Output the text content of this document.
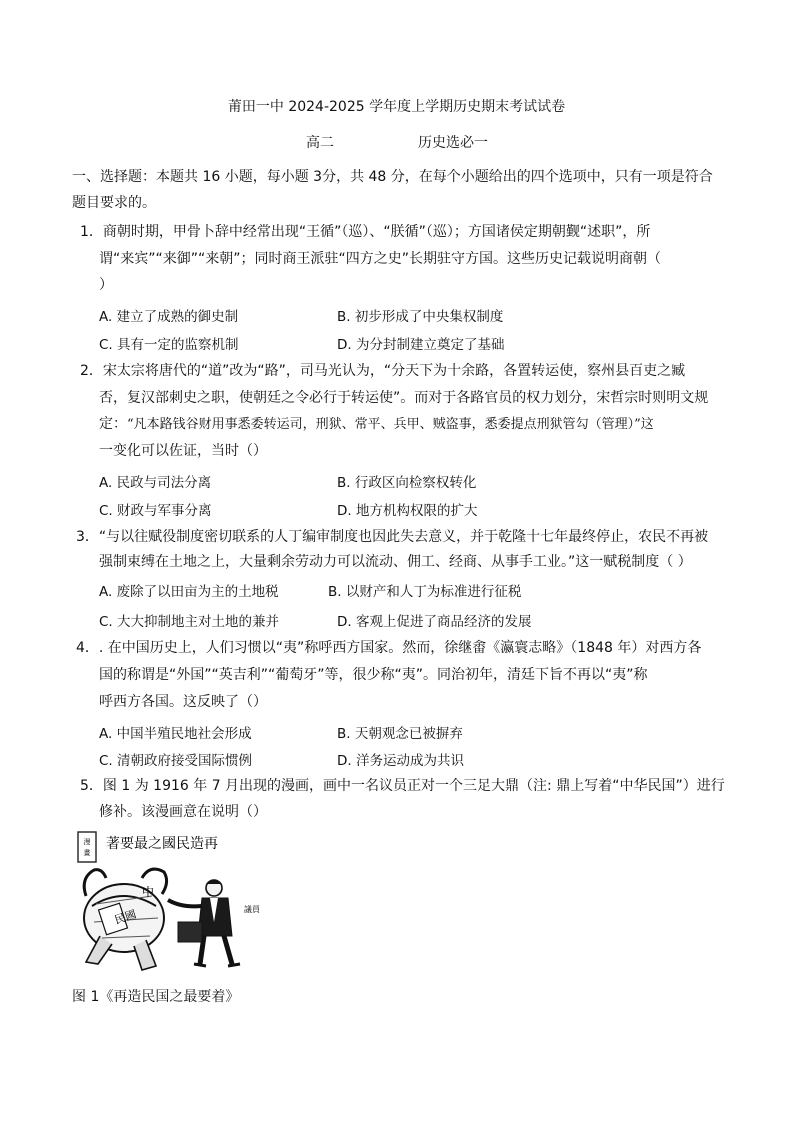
莆田一中 2024-2025 学年度上学期历史期末考试试卷
高二	历史选必一
一、选择题：本题共 16 小题，每小题 3分，共 48 分，在每个小题给出的四个选项中，只有一项是符合
题目要求的。
1．商朝时期，甲骨卜辞中经常出现“王循”（巡）、“朕循”（巡）；方国诸侯定期朝觐“述职”，所
谓“来宾”“来御”“来朝”；同时商王派驻“四方之史”长期驻守方国。这些历史记载说明商朝（
）
A. 建立了成熟的御史制	B. 初步形成了中央集权制度
C. 具有一定的监察机制	D. 为分封制建立奠定了基础
2．宋太宗将唐代的“道”改为“路”，司马光认为，“分天下为十余路，各置转运使，察州县百吏之臧
否，复汉部刺史之职，使朝廷之令必行于转运使”。而对于各路官员的权力划分，宋哲宗时则明文规
定：“凡本路钱谷财用事悉委转运司，刑狱、常平、兵甲、贼盗事，悉委提点刑狱管勾（管理）”这
一变化可以佐证，当时（）
A. 民政与司法分离	B. 行政区向检察权转化
C. 财政与军事分离	D. 地方机构权限的扩大
3．“与以往赋役制度密切联系的人丁编审制度也因此失去意义，并于乾隆十七年最终停止，农民不再被
强制束缚在土地之上，大量剩余劳动力可以流动、佣工、经商、从事手工业。”这一赋税制度（ ）
A. 废除了以田亩为主的土地税	B. 以财产和人丁为标准进行征税
C. 大大抑制地主对土地的兼并	D. 客观上促进了商品经济的发展
4．. 在中国历史上，人们习惯以“夷”称呼西方国家。然而，徐继畬《瀛寰志略》（1848 年）对西方各
国的称谓是“外国”“英吉利”“葡萄牙”等，很少称“夷”。同治初年，清廷下旨不再以“夷”称
呼西方各国。这反映了（）
A. 中国半殖民地社会形成	B. 天朝观念已被摒弃
C. 清朝政府接受国际惯例	D. 洋务运动成为共识
5．图 1 为 1916 年 7 月出现的漫画，画中一名议员正对一个三足大鼎（注: 鼎上写着“中华民国”）进行
修补。该漫画意在说明（）
漫
畫
著要最之國民造再
民國
中
議員
图 1《再造民国之最要着》
